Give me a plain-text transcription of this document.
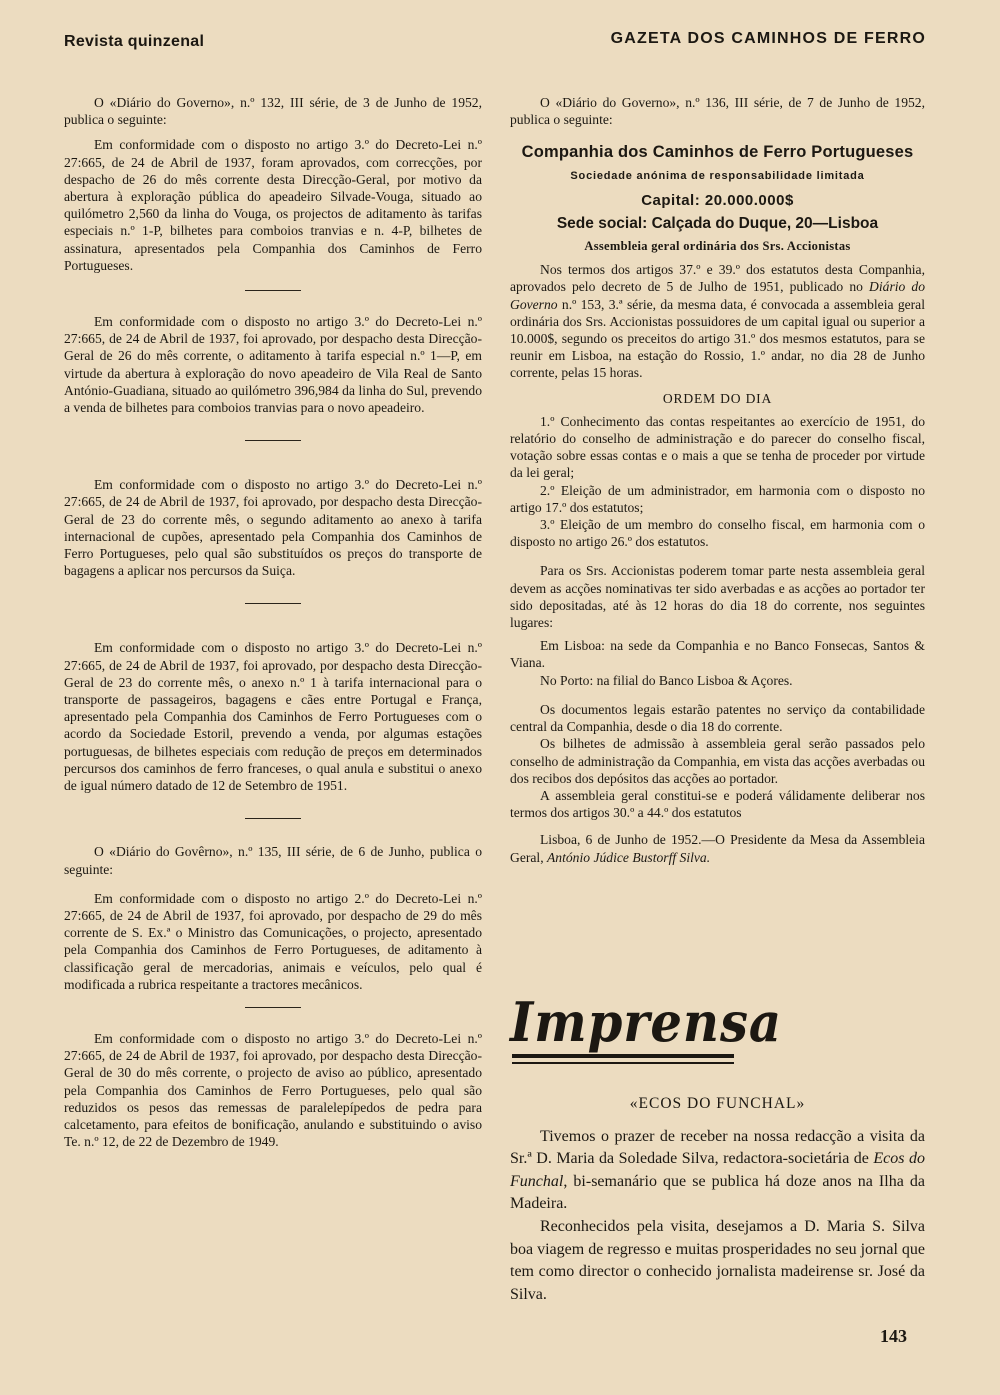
Revista quinzenal	GAZETA DOS CAMINHOS DE FERRO

O «Diário do Governo», n.º 132, III série, de 3 de Junho de 1952, publica o seguinte:

Em conformidade com o disposto no artigo 3.º do Decreto-Lei n.º 27:665, de 24 de Abril de 1937, foram aprovados, com correcções, por despacho de 26 do mês corrente desta Direcção-Geral, por motivo da abertura à exploração pública do apeadeiro Silvade-Vouga, situado ao quilómetro 2,560 da linha do Vouga, os projectos de aditamento às tarifas especiais n.º 1-P, bilhetes para comboios tranvias e n. 4-P, bilhetes de assinatura, apresentados pela Companhia dos Caminhos de Ferro Portugueses.

Em conformidade com o disposto no artigo 3.º do Decreto-Lei n.º 27:665, de 24 de Abril de 1937, foi aprovado, por despacho desta Direcção-Geral de 26 do mês corrente, o aditamento à tarifa especial n.º 1—P, em virtude da abertura à exploração do novo apeadeiro de Vila Real de Santo António-Guadiana, situado ao quilómetro 396,984 da linha do Sul, prevendo a venda de bilhetes para comboios tranvias para o novo apeadeiro.

Em conformidade com o disposto no artigo 3.º do Decreto-Lei n.º 27:665, de 24 de Abril de 1937, foi aprovado, por despacho desta Direcção-Geral de 23 do corrente mês, o segundo aditamento ao anexo à tarifa internacional de cupões, apresentado pela Companhia dos Caminhos de Ferro Portugueses, pelo qual são substituídos os preços do transporte de bagagens a aplicar nos percursos da Suiça.

Em conformidade com o disposto no artigo 3.º do Decreto-Lei n.º 27:665, de 24 de Abril de 1937, foi aprovado, por despacho desta Direcção-Geral de 23 do corrente mês, o anexo n.º 1 à tarifa internacional para o transporte de passageiros, bagagens e cães entre Portugal e França, apresentado pela Companhia dos Caminhos de Ferro Portugueses com o acordo da Sociedade Estoril, prevendo a venda, por algumas estações portuguesas, de bilhetes especiais com redução de preços em determinados percursos dos caminhos de ferro franceses, o qual anula e substitui o anexo de igual número datado de 12 de Setembro de 1951.

O «Diário do Govêrno», n.º 135, III série, de 6 de Junho, publica o seguinte:

Em conformidade com o disposto no artigo 2.º do Decreto-Lei n.º 27:665, de 24 de Abril de 1937, foi aprovado, por despacho de 29 do mês corrente de S. Ex.ª o Ministro das Comunicações, o projecto, apresentado pela Companhia dos Caminhos de Ferro Portugueses, de aditamento à classificação geral de mercadorias, animais e veículos, pelo qual é modificada a rubrica respeitante a tractores mecânicos.

Em conformidade com o disposto no artigo 3.º do Decreto-Lei n.º 27:665, de 24 de Abril de 1937, foi aprovado, por despacho desta Direcção-Geral de 30 do mês corrente, o projecto de aviso ao público, apresentado pela Companhia dos Caminhos de Ferro Portugueses, pelo qual são reduzidos os pesos das remessas de paralelepípedos de pedra para calcetamento, para efeitos de bonificação, anulando e substituindo o aviso Te. n.º 12, de 22 de Dezembro de 1949.

O «Diário do Governo», n.º 136, III série, de 7 de Junho de 1952, publica o seguinte:

Companhia dos Caminhos de Ferro Portugueses

Sociedade anónima de responsabilidade limitada

Capital: 20.000.000$

Sede social: Calçada do Duque, 20—Lisboa

Assembleia geral ordinária dos Srs. Accionistas

Nos termos dos artigos 37.º e 39.º dos estatutos desta Companhia, aprovados pelo decreto de 5 de Julho de 1951, publicado no Diário do Governo n.º 153, 3.ª série, da mesma data, é convocada a assembleia geral ordinária dos Srs. Accionistas possuidores de um capital igual ou superior a 10.000$, segundo os preceitos do artigo 31.º dos mesmos estatutos, para se reunir em Lisboa, na estação do Rossio, 1.º andar, no dia 28 de Junho corrente, pelas 15 horas.

ORDEM DO DIA

1.º Conhecimento das contas respeitantes ao exercício de 1951, do relatório do conselho de administração e do parecer do conselho fiscal, votação sobre essas contas e o mais a que se tenha de proceder por virtude da lei geral;

2.º Eleição de um administrador, em harmonia com o disposto no artigo 17.º dos estatutos;

3.º Eleição de um membro do conselho fiscal, em harmonia com o disposto no artigo 26.º dos estatutos.

Para os Srs. Accionistas poderem tomar parte nesta assembleia geral devem as acções nominativas ter sido averbadas e as acções ao portador ter sido depositadas, até às 12 horas do dia 18 do corrente, nos seguintes lugares:

Em Lisboa: na sede da Companhia e no Banco Fonsecas, Santos & Viana.

No Porto: na filial do Banco Lisboa & Açores.

Os documentos legais estarão patentes no serviço da contabilidade central da Companhia, desde o dia 18 do corrente.

Os bilhetes de admissão à assembleia geral serão passados pelo conselho de administração da Companhia, em vista das acções averbadas ou dos recibos dos depósitos das acções ao portador.

A assembleia geral constitui-se e poderá válidamente deliberar nos termos dos artigos 30.º a 44.º dos estatutos

Lisboa, 6 de Junho de 1952.—O Presidente da Mesa da Assembleia Geral, António Júdice Bustorff Silva.

Imprensa

«ECOS DO FUNCHAL»

Tivemos o prazer de receber na nossa redacção a visita da Sr.ª D. Maria da Soledade Silva, redactora-societária de Ecos do Funchal, bi-semanário que se publica há doze anos na Ilha da Madeira.

Reconhecidos pela visita, desejamos a D. Maria S. Silva boa viagem de regresso e muitas prosperidades no seu jornal que tem como director o conhecido jornalista madeirense sr. José da Silva.

143
